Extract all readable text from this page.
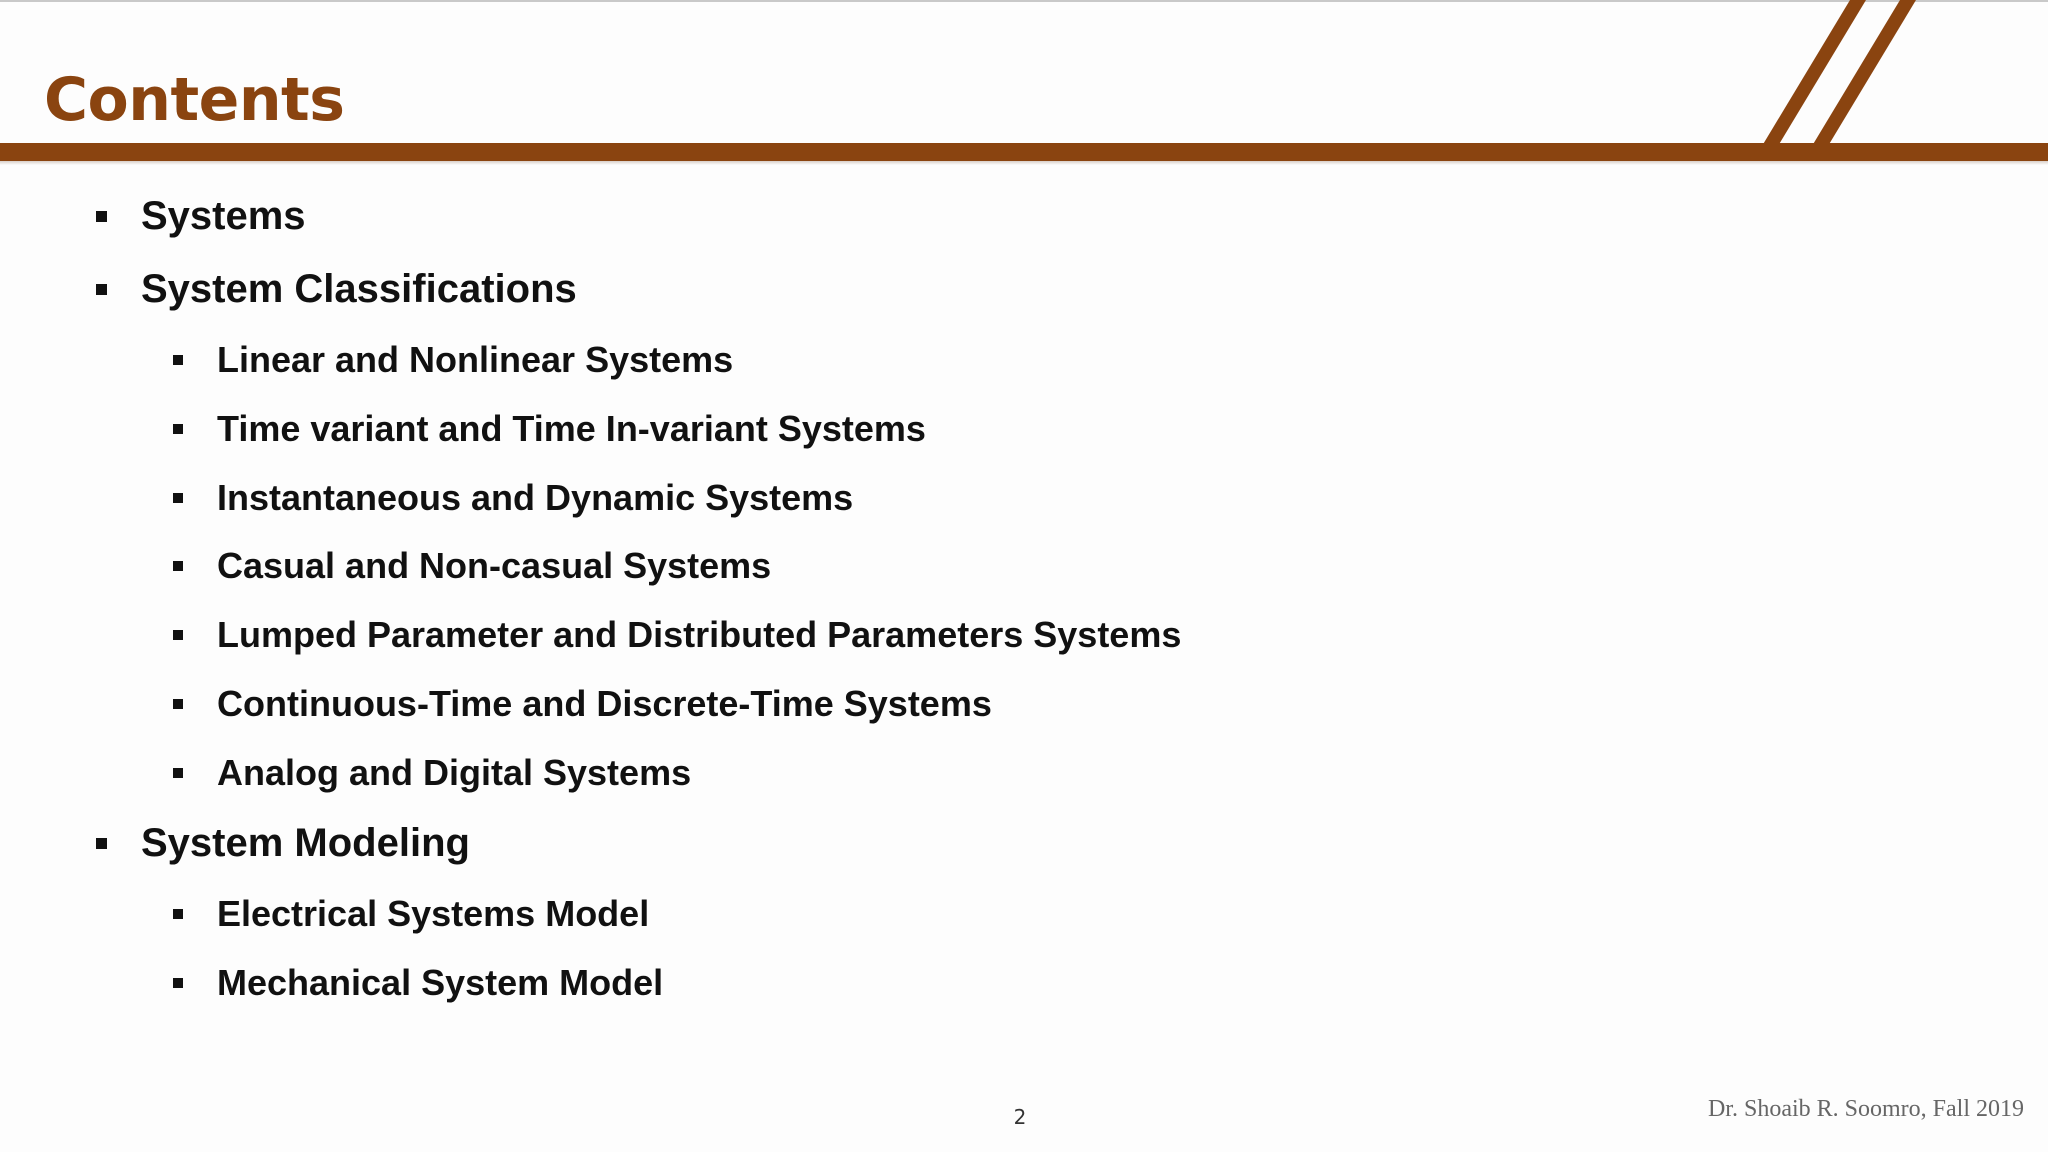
Contents
Systems
System Classifications
Linear and Nonlinear Systems
Time variant and Time In-variant Systems
Instantaneous and Dynamic Systems
Casual and Non-casual Systems
Lumped Parameter and Distributed Parameters Systems
Continuous-Time and Discrete-Time Systems
Analog and Digital Systems
System Modeling
Electrical Systems Model
Mechanical System Model
2	Dr. Shoaib R. Soomro, Fall 2019
